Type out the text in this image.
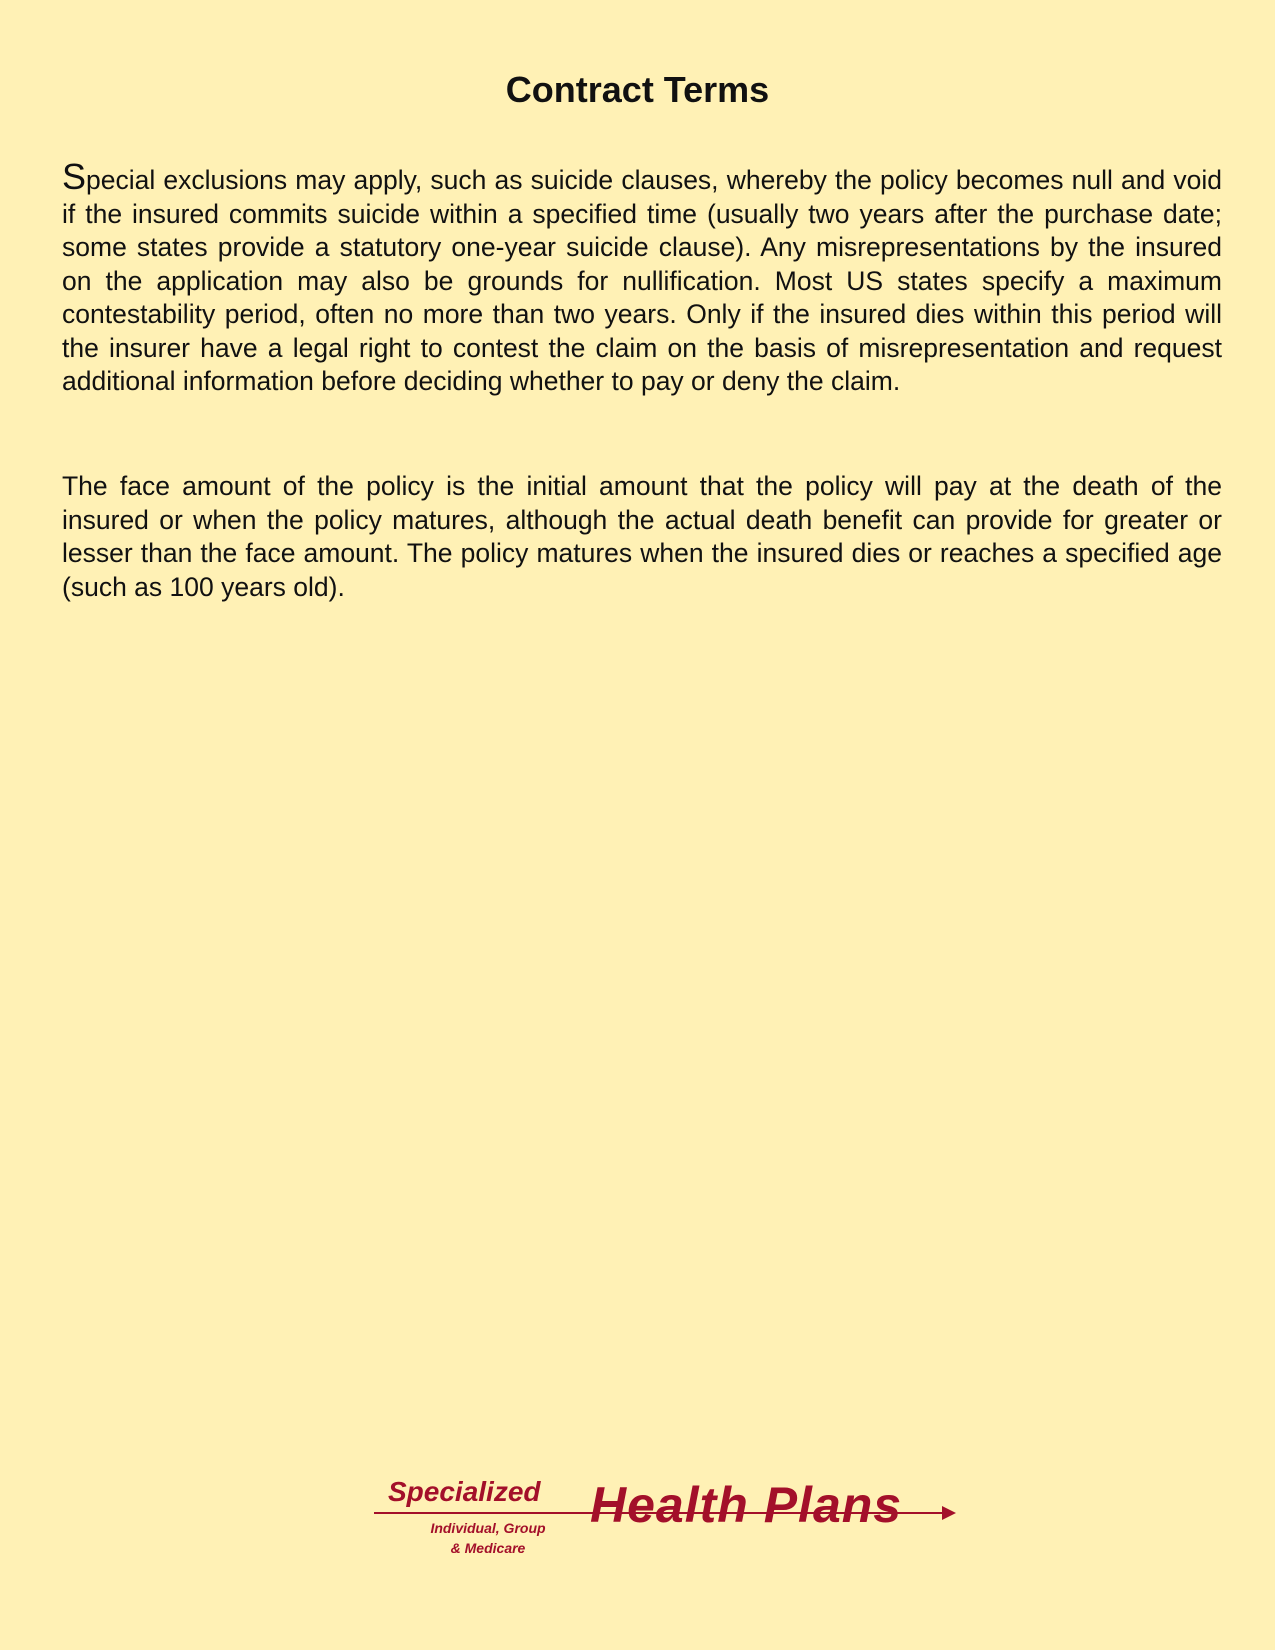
Contract Terms

Special exclusions may apply, such as suicide clauses, whereby the policy becomes null and void if the insured commits suicide within a specified time (usually two years after the purchase date; some states provide a statutory one-year suicide clause). Any misrepresentations by the insured on the application may also be grounds for nullification. Most US states specify a maximum contestability period, often no more than two years. Only if the insured dies within this period will the insurer have a legal right to contest the claim on the basis of misrepresentation and request additional information before deciding whether to pay or deny the claim.

The face amount of the policy is the initial amount that the policy will pay at the death of the insured or when the policy matures, although the actual death benefit can provide for greater or lesser than the face amount. The policy matures when the insured dies or reaches a specified age (such as 100 years old).

Specialized
Individual, Group
& Medicare
Health Plans
